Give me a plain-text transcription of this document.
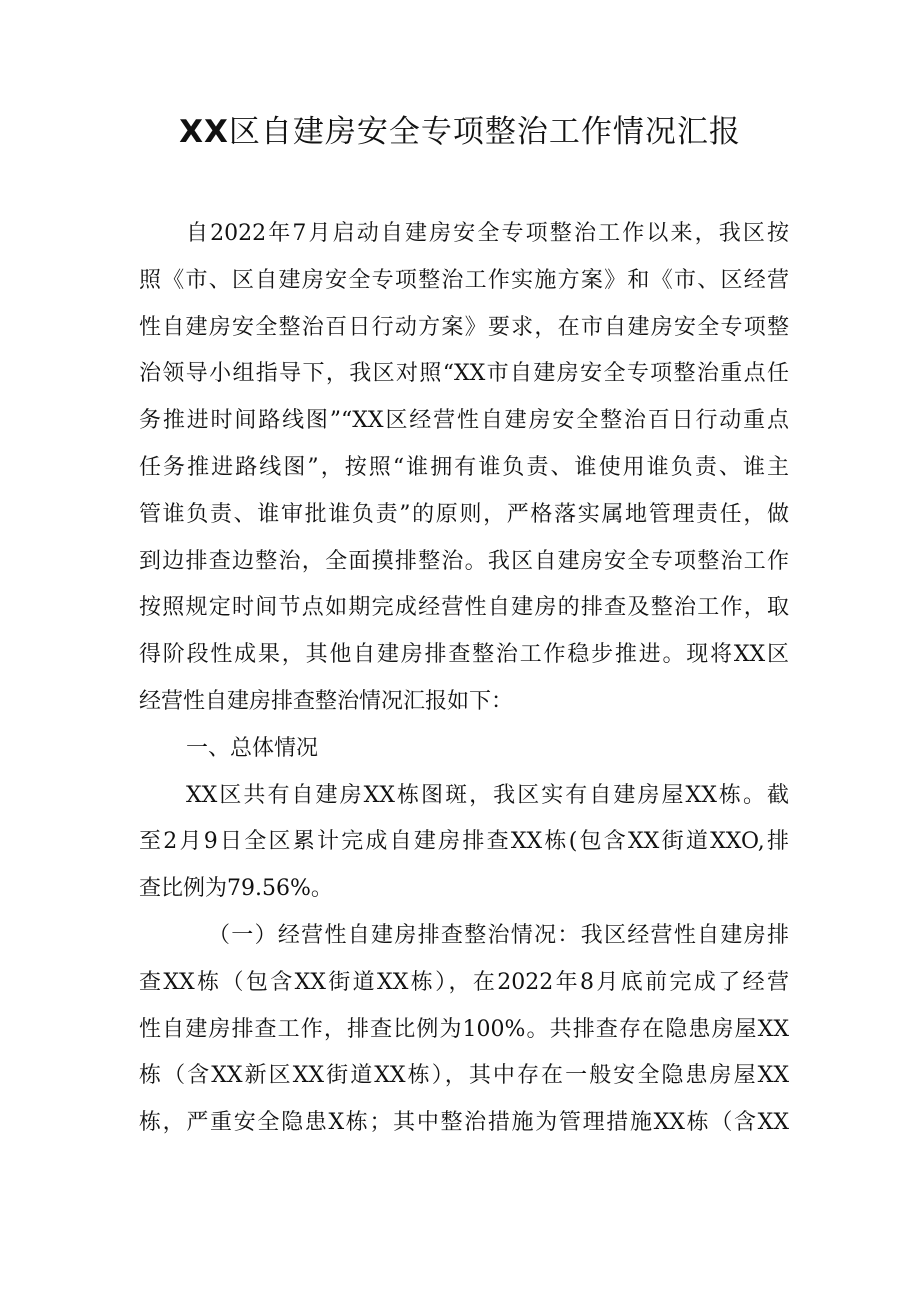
XX区自建房安全专项整治工作情况汇报
自2022年7月启动自建房安全专项整治工作以来，我区按
照《市、区自建房安全专项整治工作实施方案》和《市、区经营
性自建房安全整治百日行动方案》要求，在市自建房安全专项整
治领导小组指导下，我区对照“XX市自建房安全专项整治重点任
务推进时间路线图”“XX区经营性自建房安全整治百日行动重点
任务推进路线图”，按照“谁拥有谁负责、谁使用谁负责、谁主
管谁负责、谁审批谁负责”的原则，严格落实属地管理责任，做
到边排查边整治，全面摸排整治。我区自建房安全专项整治工作
按照规定时间节点如期完成经营性自建房的排查及整治工作，取
得阶段性成果，其他自建房排查整治工作稳步推进。现将XX区
经营性自建房排查整治情况汇报如下：
一、总体情况
XX区共有自建房XX栋图斑，我区实有自建房屋XX栋。截
至2月9日全区累计完成自建房排查XX栋(包含XX街道XXO,排
查比例为79.56%。
（一）经营性自建房排查整治情况：我区经营性自建房排
查XX栋（包含XX街道XX栋），在2022年8月底前完成了经营
性自建房排查工作，排查比例为100%。共排查存在隐患房屋XX
栋（含XX新区XX街道XX栋），其中存在一般安全隐患房屋XX
栋，严重安全隐患X栋；其中整治措施为管理措施XX栋（含XX
